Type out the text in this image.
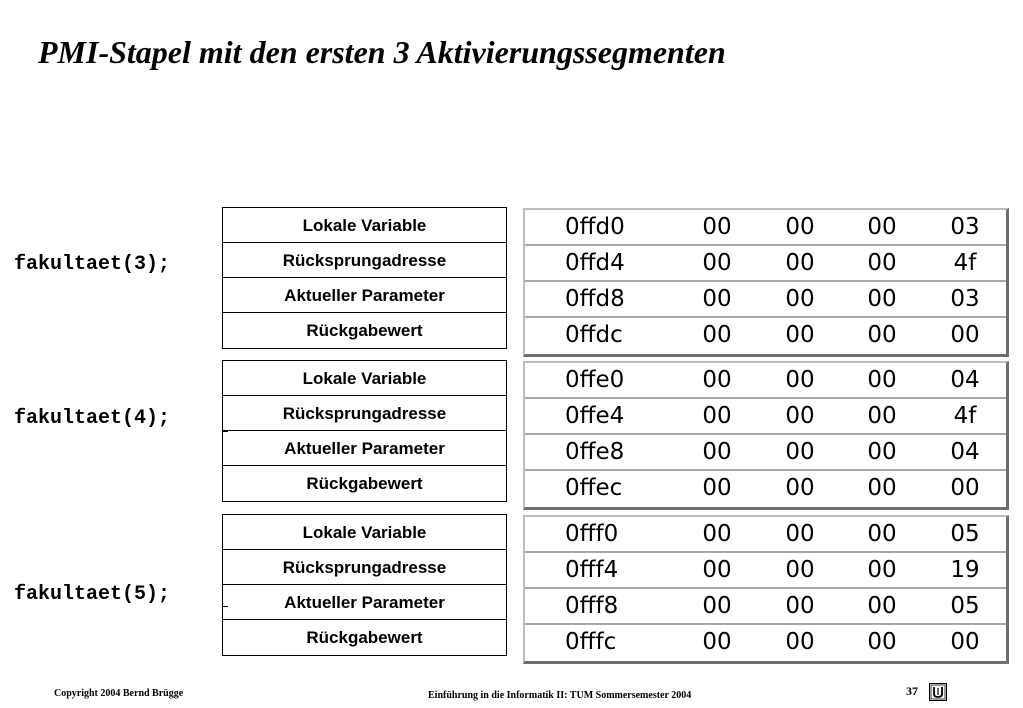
PMI-Stapel mit den ersten 3 Aktivierungssegmenten
fakultaet(3);
Lokale Variable
Rücksprungadresse
Aktueller Parameter
Rückgabewert
0ffd0	00 00 00 03
0ffd4	00 00 00	4f
0ffd8	00 00 00 03
0ffdc	00 00 00 00
fakultaet(4);
Lokale Variable
Rücksprungadresse
Aktueller Parameter
Rückgabewert
0ffe0	00 00 00 04
0ffe4	00 00 00	4f
0ffe8	00 00 00 04
0ffec	00 00 00 00
fakultaet(5);
Lokale Variable
Rücksprungadresse
Aktueller Parameter
Rückgabewert
0fff0	00 00 00 05
0fff4	00 00 00 19
0fff8	00 00 00 05
0fffc	00 00 00 00
Copyright 2004 Bernd Brügge	Einführung in die Informatik II: TUM Sommersemester 2004	37
